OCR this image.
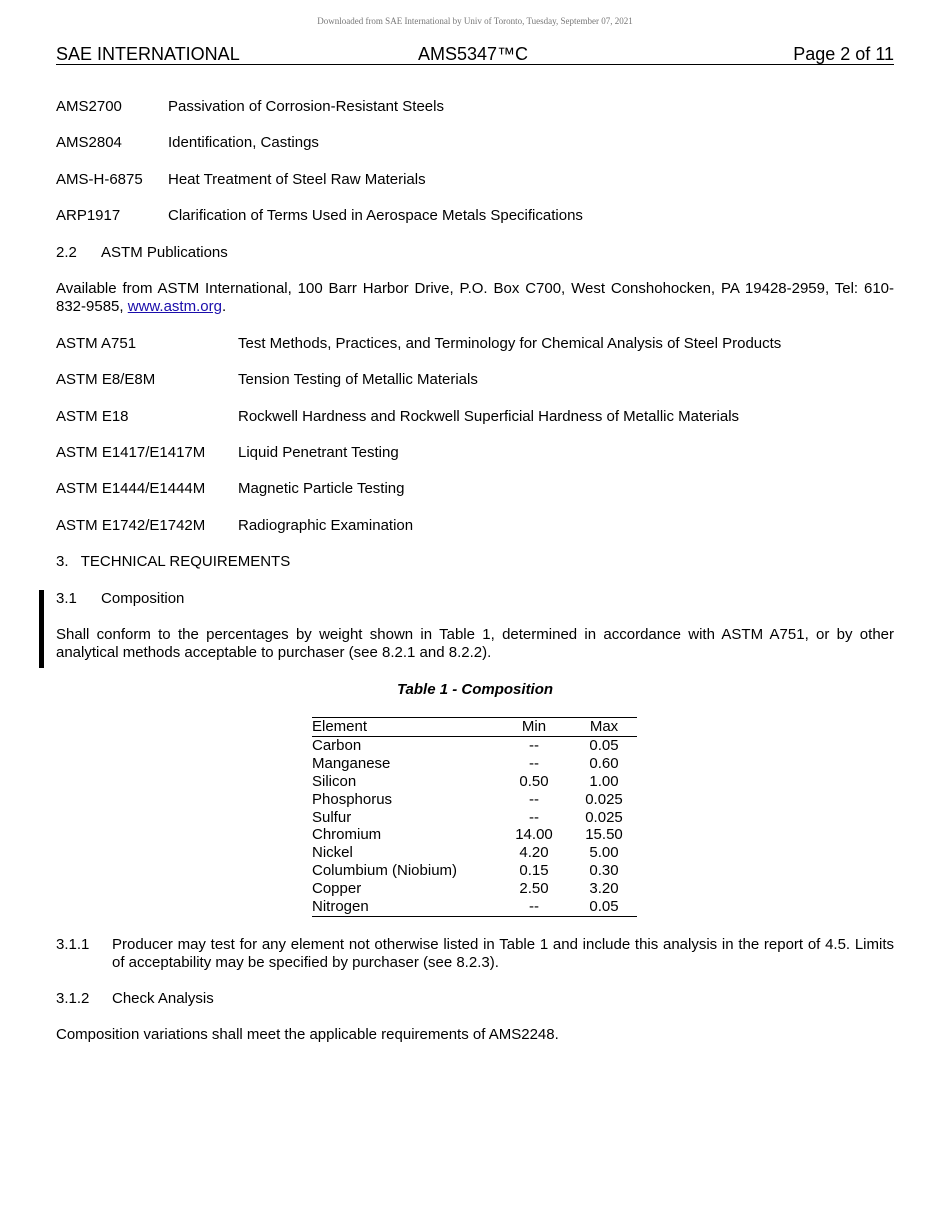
Downloaded from SAE International by Univ of Toronto, Tuesday, September 07, 2021
SAE INTERNATIONAL	AMS5347™C	Page 2 of 11
AMS2700	Passivation of Corrosion-Resistant Steels
AMS2804	Identification, Castings
AMS-H-6875 Heat Treatment of Steel Raw Materials
ARP1917	Clarification of Terms Used in Aerospace Metals Specifications
2.2 ASTM Publications
Available from ASTM International, 100 Barr Harbor Drive, P.O. Box C700, West Conshohocken, PA 19428-2959, Tel: 610-832-9585, www.astm.org.
ASTM A751	Test Methods, Practices, and Terminology for Chemical Analysis of Steel Products
ASTM E8/E8M	Tension Testing of Metallic Materials
ASTM E18	Rockwell Hardness and Rockwell Superficial Hardness of Metallic Materials
ASTM E1417/E1417M Liquid Penetrant Testing
ASTM E1444/E1444M Magnetic Particle Testing
ASTM E1742/E1742M Radiographic Examination
3.   TECHNICAL REQUIREMENTS
3.1 Composition
Shall conform to the percentages by weight shown in Table 1, determined in accordance with ASTM A751, or by other analytical methods acceptable to purchaser (see 8.2.1 and 8.2.2).
Table 1 - Composition
Element	Min	Max
Carbon	--	0.05
Manganese	--	0.60
Silicon	0.50	1.00
Phosphorus	--	0.025
Sulfur	--	0.025
Chromium	14.00	15.50
Nickel	4.20	5.00
Columbium (Niobium)	0.15	0.30
Copper	2.50	3.20
Nitrogen	--	0.05
3.1.1 Producer may test for any element not otherwise listed in Table 1 and include this analysis in the report of 4.5. Limits of acceptability may be specified by purchaser (see 8.2.3).
3.1.2 Check Analysis
Composition variations shall meet the applicable requirements of AMS2248.
